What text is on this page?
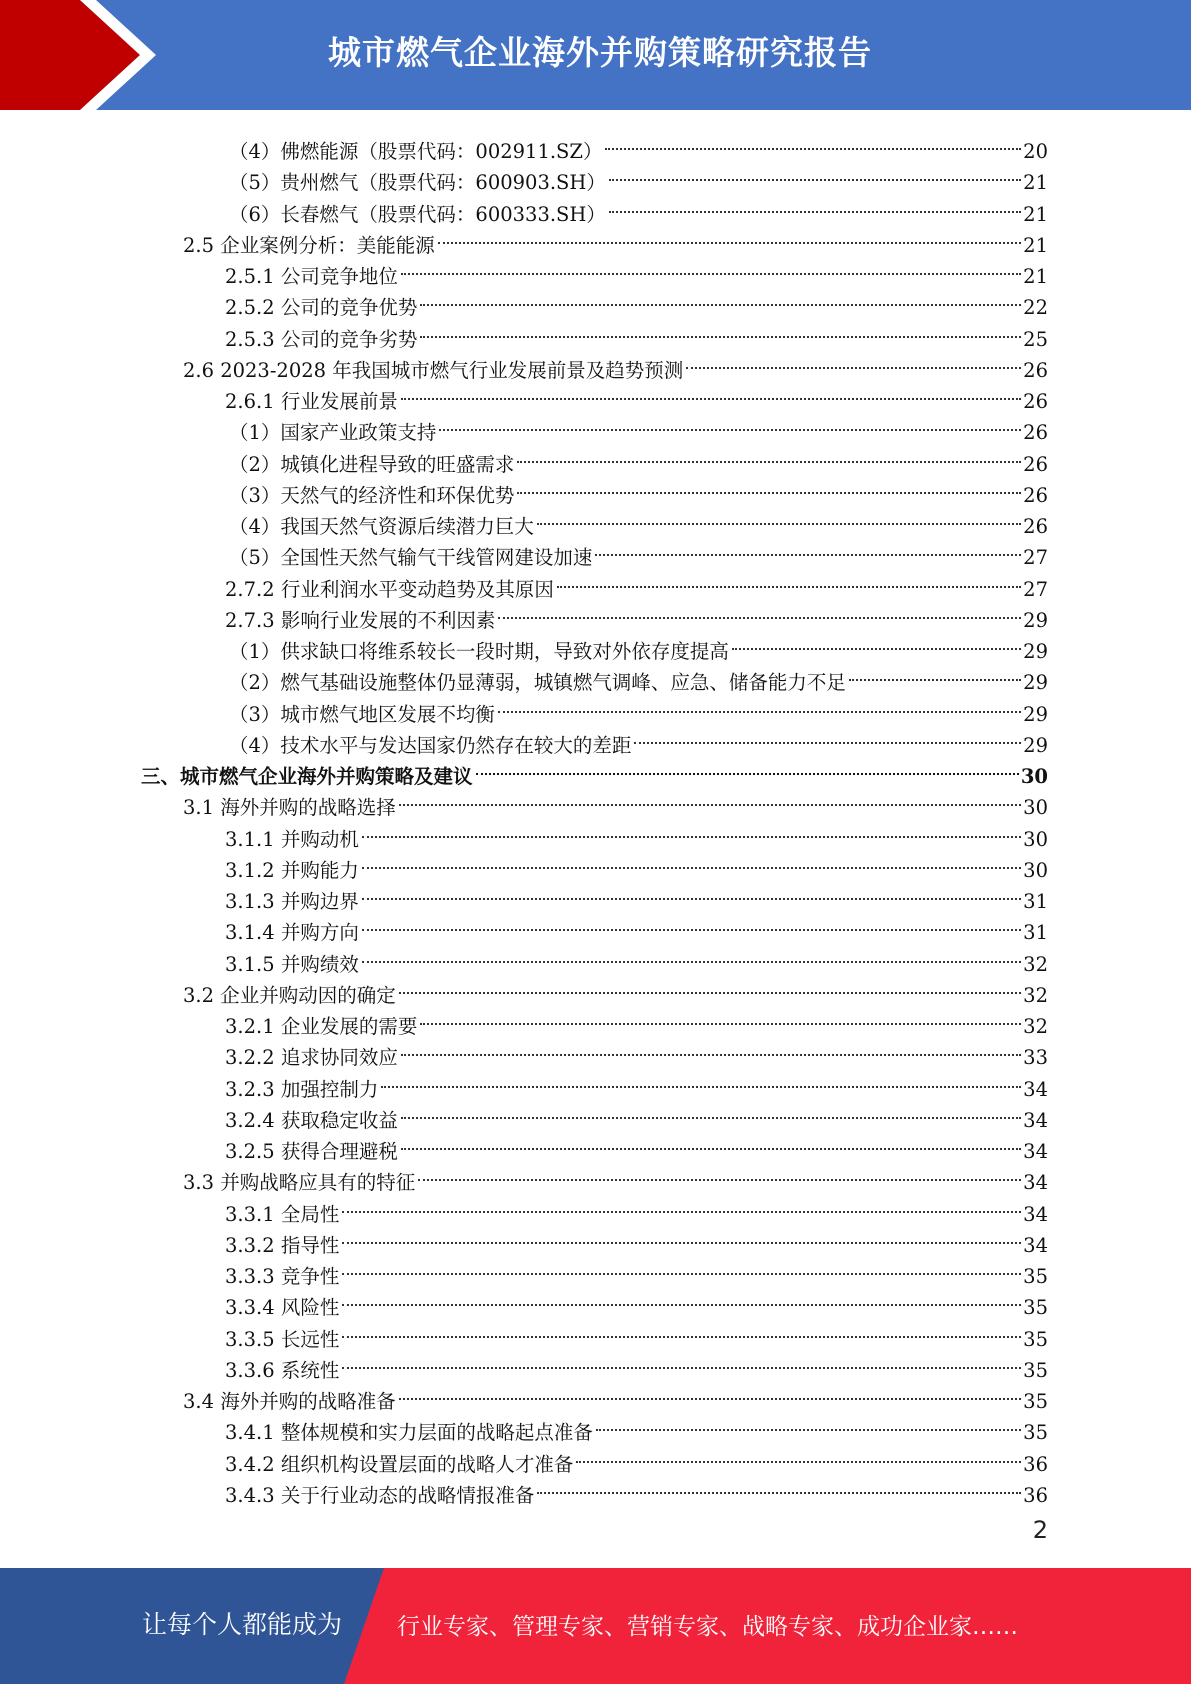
城市燃气企业海外并购策略研究报告
（4）佛燃能源（股票代码：002911.SZ）	20
（5）贵州燃气（股票代码：600903.SH）	21
（6）长春燃气（股票代码：600333.SH）	21
2.5 企业案例分析：美能能源	21
2.5.1 公司竞争地位	21
2.5.2 公司的竞争优势	22
2.5.3 公司的竞争劣势	25
2.6 2023-2028 年我国城市燃气行业发展前景及趋势预测	26
2.6.1 行业发展前景	26
（1）国家产业政策支持	26
（2）城镇化进程导致的旺盛需求	26
（3）天然气的经济性和环保优势	26
（4）我国天然气资源后续潜力巨大	26
（5）全国性天然气输气干线管网建设加速	27
2.7.2 行业利润水平变动趋势及其原因	27
2.7.3 影响行业发展的不利因素	29
（1）供求缺口将维系较长一段时期，导致对外依存度提高	29
（2）燃气基础设施整体仍显薄弱，城镇燃气调峰、应急、储备能力不足	29
（3）城市燃气地区发展不均衡	29
（4）技术水平与发达国家仍然存在较大的差距	29
三、城市燃气企业海外并购策略及建议	30
3.1 海外并购的战略选择	30
3.1.1 并购动机	30
3.1.2 并购能力	30
3.1.3 并购边界	31
3.1.4 并购方向	31
3.1.5 并购绩效	32
3.2 企业并购动因的确定	32
3.2.1 企业发展的需要	32
3.2.2 追求协同效应	33
3.2.3 加强控制力	34
3.2.4 获取稳定收益	34
3.2.5 获得合理避税	34
3.3 并购战略应具有的特征	34
3.3.1 全局性	34
3.3.2 指导性	34
3.3.3 竞争性	35
3.3.4 风险性	35
3.3.5 长远性	35
3.3.6 系统性	35
3.4 海外并购的战略准备	35
3.4.1 整体规模和实力层面的战略起点准备	35
3.4.2 组织机构设置层面的战略人才准备	36
3.4.3 关于行业动态的战略情报准备	36
2
让每个人都能成为 行业专家、管理专家、营销专家、战略专家、成功企业家……
